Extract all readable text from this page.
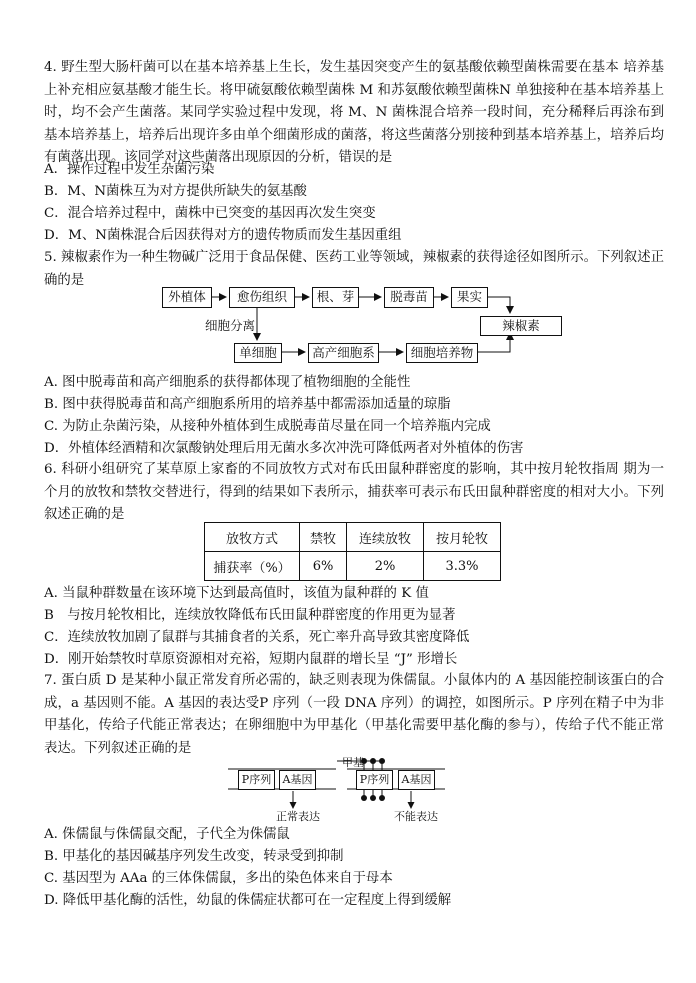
4. 野生型大肠杆菌可以在基本培养基上生长，发生基因突变产生的氨基酸依赖型菌株需要在基本 培养基上补充相应氨基酸才能生长。将甲硫氨酸依赖型菌株 M 和苏氨酸依赖型菌株N 单独接种在基本培养基上时，均不会产生菌落。某同学实验过程中发现，将 M、N 菌株混合培养一段时间，充分稀释后再涂布到基本培养基上，培养后出现许多由单个细菌形成的菌落，将这些菌落分别接种到基本培养基上，培养后均有菌落出现。该同学对这些菌落出现原因的分析，错误的是
A．操作过程中发生杂菌污染
B．M、N菌株互为对方提供所缺失的氨基酸
C．混合培养过程中，菌株中已突变的基因再次发生突变
D．M、N菌株混合后因获得对方的遗传物质而发生基因重组
5. 辣椒素作为一种生物碱广泛用于食品保健、医药工业等领域，辣椒素的获得途径如图所示。下列叙述正确的是
外植体	愈伤组织	根、芽	脱毒苗	果实
辣椒素
细胞分离
单细胞	高产细胞系	细胞培养物
A. 图中脱毒苗和高产细胞系的获得都体现了植物细胞的全能性
B. 图中获得脱毒苗和高产细胞系所用的培养基中都需添加适量的琼脂
C. 为防止杂菌污染，从接种外植体到生成脱毒苗尽量在同一个培养瓶内完成
D．外植体经酒精和次氯酸钠处理后用无菌水多次冲洗可降低两者对外植体的伤害
6. 科研小组研究了某草原上家畜的不同放牧方式对布氏田鼠种群密度的影响，其中按月轮牧指周 期为一个月的放牧和禁牧交替进行，得到的结果如下表所示，捕获率可表示布氏田鼠种群密度的相对大小。下列叙述正确的是
放牧方式	禁牧	连续放牧	按月轮牧
捕获率（%）	6%	2%	3.3%
A. 当鼠种群数量在该环境下达到最高值时，该值为鼠种群的 K 值
B　与按月轮牧相比，连续放牧降低布氏田鼠种群密度的作用更为显著
C．连续放牧加剧了鼠群与其捕食者的关系，死亡率升高导致其密度降低
D．刚开始禁牧时草原资源相对充裕，短期内鼠群的增长呈 “J” 形增长
7. 蛋白质 D 是某种小鼠正常发育所必需的，缺乏则表现为侏儒鼠。小鼠体内的 A 基因能控制该蛋白的合成，a 基因则不能。A 基因的表达受P 序列（一段 DNA 序列）的调控，如图所示。P 序列在精子中为非甲基化，传给子代能正常表达；在卵细胞中为甲基化（甲基化需要甲基化酶的参与），传给子代不能正常表达。下列叙述正确的是
甲基
P序列	A基因	P序列	A基因
正常表达	不能表达
A. 侏儒鼠与侏儒鼠交配，子代全为侏儒鼠
B. 甲基化的基因碱基序列发生改变，转录受到抑制
C. 基因型为 AAa 的三体侏儒鼠，多出的染色体来自于母本
D. 降低甲基化酶的活性，幼鼠的侏儒症状都可在一定程度上得到缓解
